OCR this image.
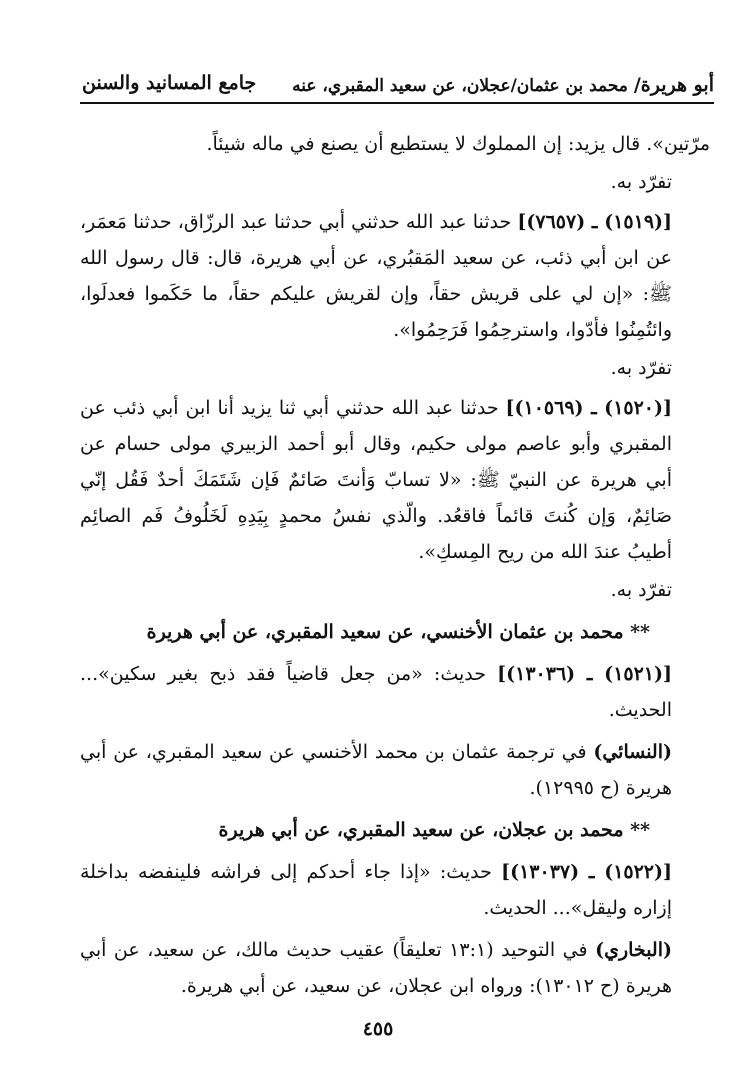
أبو هريرة/ محمد بن عثمان/عجلان، عن سعيد المقبري، عنه
جامع المسانيد والسنن

مرّتين». قال يزيد: إن المملوك لا يستطيع أن يصنع في ماله شيئاً.

تفرّد به.

[(١٥١٩) ـ (٧٦٥٧)] حدثنا عبد الله حدثني أبي حدثنا عبد الرزّاق، حدثنا مَعمَر، عن ابن أبي ذئب، عن سعيد المَقبُري، عن أبي هريرة، قال: قال رسول الله ﷺ: «إن لي على قريش حقاً، وإن لقريش عليكم حقاً، ما حَكَموا فعدلَوا، وائتُمِنُوا فأدّوا، واسترحِمُوا فَرَحِمُوا».

تفرّد به.

[(١٥٢٠) ـ (١٠٥٦٩)] حدثنا عبد الله حدثني أبي ثنا يزيد أنا ابن أبي ذئب عن المقبري وأبو عاصم مولى حكيم، وقال أبو أحمد الزبيري مولى حسام عن أبي هريرة عن النبيّ ﷺ: «لا تسابّ وَأنتَ صَائمٌ فَإن شَتَمَكَ أحدٌ فَقُل إنّي صَائِمٌ، وَإن كُنتَ قائماً فاقعُد. والّذي نفسُ محمدٍ بِيَدِهِ لَخَلُوفُ فَم الصائِم أطيبُ عندَ الله من ريح المِسكِ».

تفرّد به.

** محمد بن عثمان الأخنسي، عن سعيد المقبري، عن أبي هريرة

[(١٥٢١) ـ (١٣٠٣٦)] حديث: «من جعل قاضياً فقد ذبح بغير سكين»... الحديث.

(النسائي) في ترجمة عثمان بن محمد الأخنسي عن سعيد المقبري، عن أبي هريرة (ح ١٢٩٩٥).

** محمد بن عجلان، عن سعيد المقبري، عن أبي هريرة

[(١٥٢٢) ـ (١٣٠٣٧)] حديث: «إذا جاء أحدكم إلى فراشه فلينفضه بداخلة إزاره وليقل»... الحديث.

(البخاري) في التوحيد (١٣:١ تعليقاً) عقيب حديث مالك، عن سعيد، عن أبي هريرة (ح ١٣٠١٢): ورواه ابن عجلان، عن سعيد، عن أبي هريرة.

٤٥٥
